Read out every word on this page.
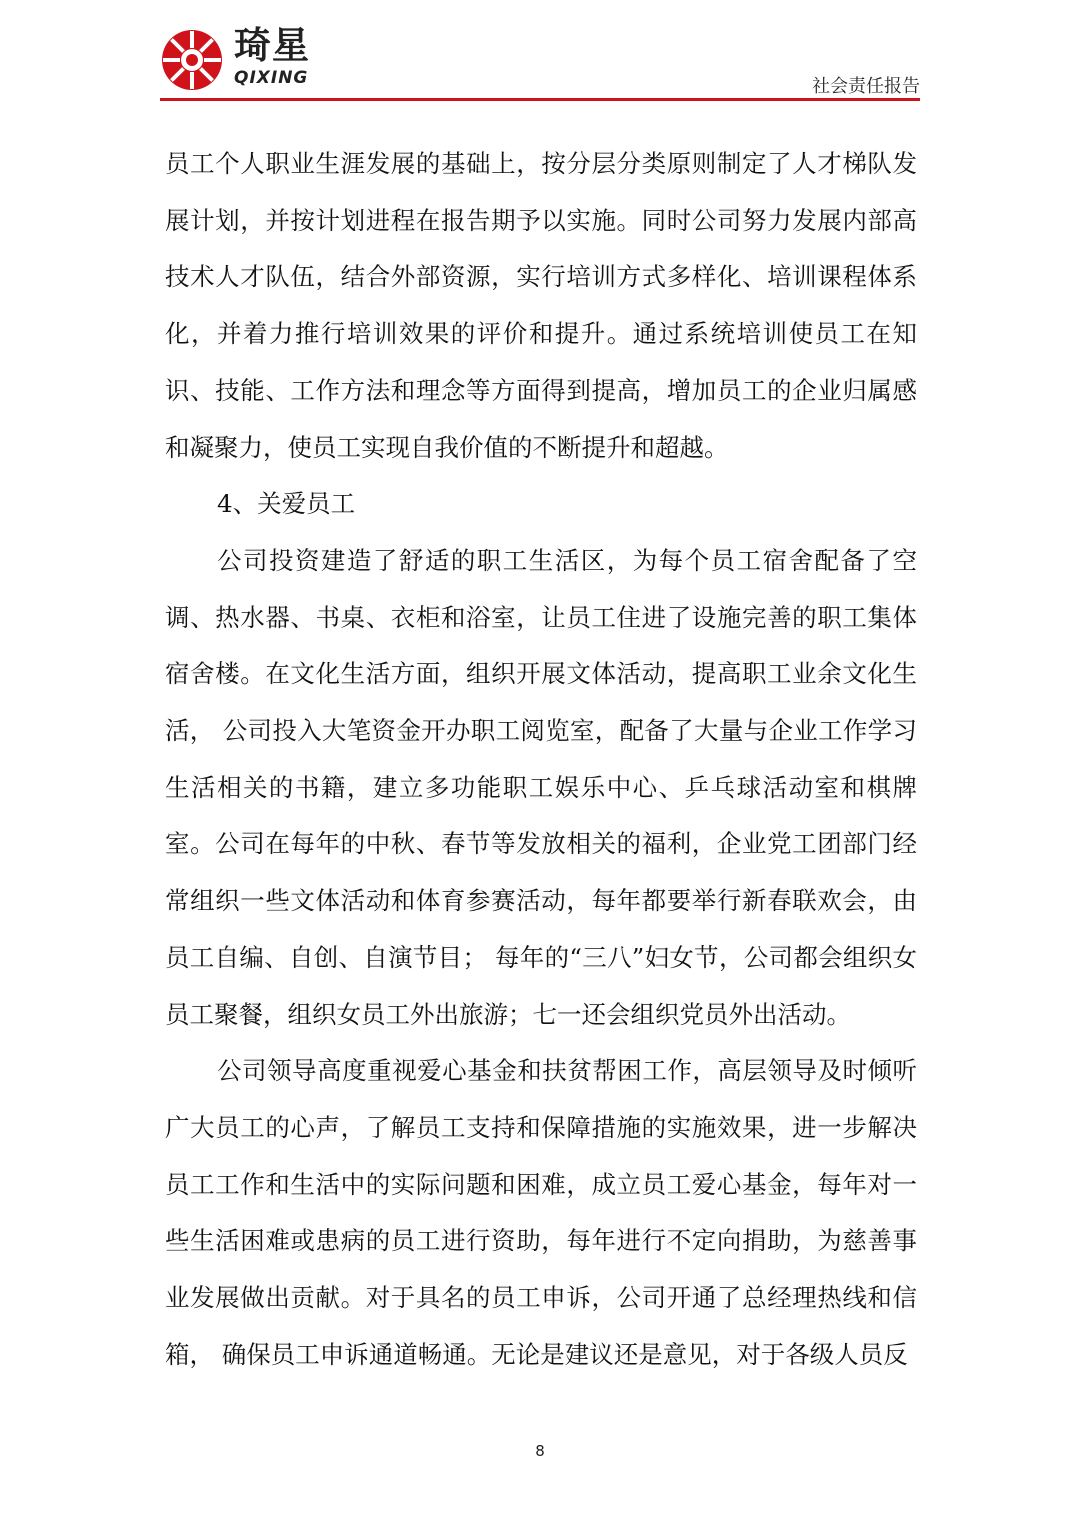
琦星
QIXING	社会责任报告

员工个人职业生涯发展的基础上，按分层分类原则制定了人才梯队发展计划，并按计划进程在报告期予以实施。同时公司努力发展内部高技术人才队伍，结合外部资源，实行培训方式多样化、培训课程体系化，并着力推行培训效果的评价和提升。通过系统培训使员工在知识、技能、工作方法和理念等方面得到提高，增加员工的企业归属感和凝聚力，使员工实现自我价值的不断提升和超越。

4、关爱员工

公司投资建造了舒适的职工生活区，为每个员工宿舍配备了空调、热水器、书桌、衣柜和浴室，让员工住进了设施完善的职工集体宿舍楼。在文化生活方面，组织开展文体活动，提高职工业余文化生活， 公司投入大笔资金开办职工阅览室，配备了大量与企业工作学习生活相关的书籍，建立多功能职工娱乐中心、乒乓球活动室和棋牌室。公司在每年的中秋、春节等发放相关的福利，企业党工团部门经常组织一些文体活动和体育参赛活动，每年都要举行新春联欢会，由员工自编、自创、自演节目； 每年的“三八”妇女节，公司都会组织女员工聚餐，组织女员工外出旅游；七一还会组织党员外出活动。

公司领导高度重视爱心基金和扶贫帮困工作，高层领导及时倾听广大员工的心声，了解员工支持和保障措施的实施效果，进一步解决员工工作和生活中的实际问题和困难，成立员工爱心基金，每年对一些生活困难或患病的员工进行资助，每年进行不定向捐助，为慈善事业发展做出贡献。对于具名的员工申诉，公司开通了总经理热线和信箱， 确保员工申诉通道畅通。无论是建议还是意见，对于各级人员反

8
